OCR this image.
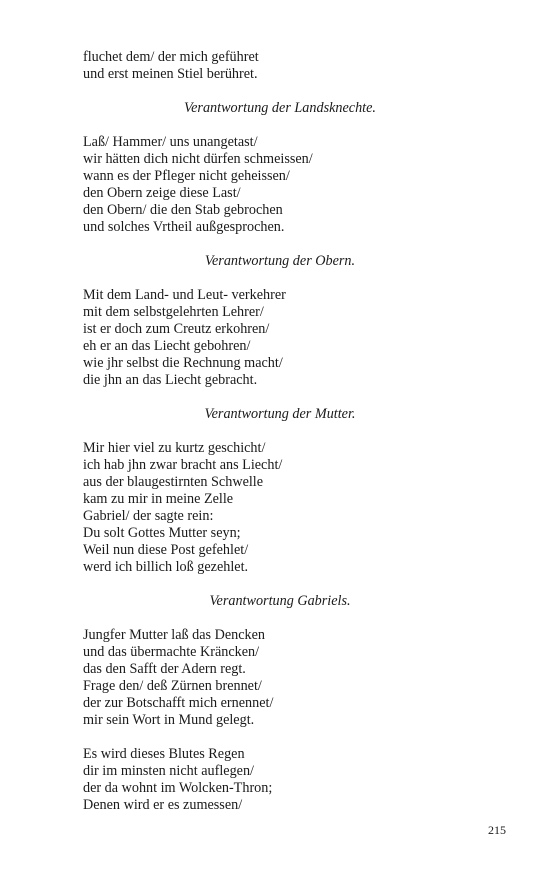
fluchet dem/ der mich geführet
und erst meinen Stiel berühret.
Verantwortung der Landsknechte.
Laß/ Hammer/ uns unangetast/
wir hätten dich nicht dürfen schmeissen/
wann es der Pfleger nicht geheissen/
den Obern zeige diese Last/
den Obern/ die den Stab gebrochen
und solches Vrtheil außgesprochen.
Verantwortung der Obern.
Mit dem Land- und Leut- verkehrer
mit dem selbstgelehrten Lehrer/
ist er doch zum Creutz erkohren/
eh er an das Liecht gebohren/
wie jhr selbst die Rechnung macht/
die jhn an das Liecht gebracht.
Verantwortung der Mutter.
Mir hier viel zu kurtz geschicht/
ich hab jhn zwar bracht ans Liecht/
aus der blaugestirnten Schwelle
kam zu mir in meine Zelle
Gabriel/ der sagte rein:
Du solt Gottes Mutter seyn;
Weil nun diese Post gefehlet/
werd ich billich loß gezehlet.
Verantwortung Gabriels.
Jungfer Mutter laß das Dencken
und das übermachte Kräncken/
das den Safft der Adern regt.
Frage den/ deß Zürnen brennet/
der zur Botschafft mich ernennet/
mir sein Wort in Mund gelegt.
Es wird dieses Blutes Regen
dir im minsten nicht auflegen/
der da wohnt im Wolcken-Thron;
Denen wird er es zumessen/
215
